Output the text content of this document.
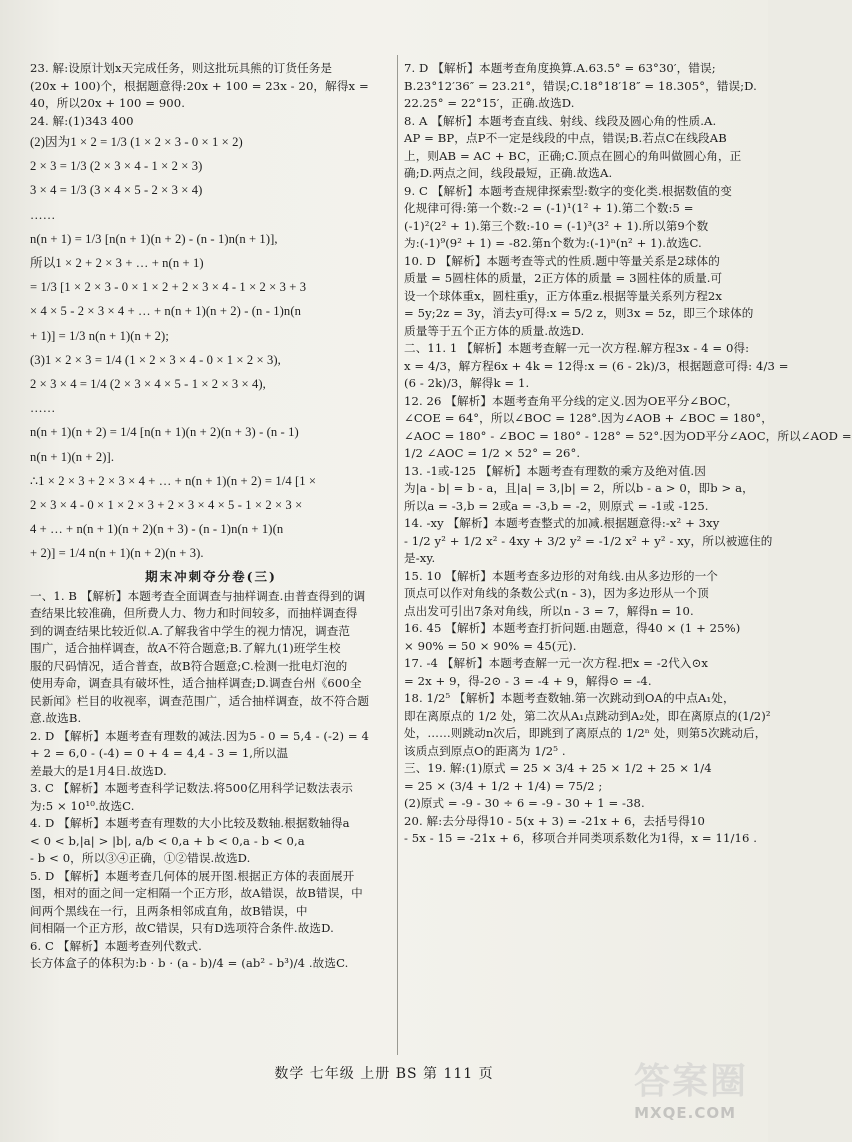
23. 解:设原计划x天完成任务，则这批玩具熊的订货任务是
(20x + 100)个，根据题意得:20x + 100 = 23x - 20，解得x =
40，所以20x + 100 = 900.
24. 解:(1)343 400
(2)因为1 × 2 = 1/3 (1 × 2 × 3 - 0 × 1 × 2)
2 × 3 = 1/3 (2 × 3 × 4 - 1 × 2 × 3)
3 × 4 = 1/3 (3 × 4 × 5 - 2 × 3 × 4)
……
n(n + 1) = 1/3 [n(n + 1)(n + 2) - (n - 1)n(n + 1)],
所以1 × 2 + 2 × 3 + … + n(n + 1)
= 1/3 [1 × 2 × 3 - 0 × 1 × 2 + 2 × 3 × 4 - 1 × 2 × 3 + 3
× 4 × 5 - 2 × 3 × 4 + … + n(n + 1)(n + 2) - (n - 1)n(n
+ 1)] = 1/3 n(n + 1)(n + 2);
(3)1 × 2 × 3 = 1/4 (1 × 2 × 3 × 4 - 0 × 1 × 2 × 3),
2 × 3 × 4 = 1/4 (2 × 3 × 4 × 5 - 1 × 2 × 3 × 4),
……
n(n + 1)(n + 2) = 1/4 [n(n + 1)(n + 2)(n + 3) - (n - 1)
n(n + 1)(n + 2)].
∴1 × 2 × 3 + 2 × 3 × 4 + … + n(n + 1)(n + 2) = 1/4 [1 ×
2 × 3 × 4 - 0 × 1 × 2 × 3 + 2 × 3 × 4 × 5 - 1 × 2 × 3 ×
4 + … + n(n + 1)(n + 2)(n + 3) - (n - 1)n(n + 1)(n
+ 2)] = 1/4 n(n + 1)(n + 2)(n + 3).
期末冲刺夺分卷(三)
一、1. B 【解析】本题考查全面调查与抽样调查.由普查得到的调
查结果比较准确，但所费人力、物力和时间较多，而抽样调查得
到的调查结果比较近似.A.了解我省中学生的视力情况，调查范
围广，适合抽样调查，故A不符合题意;B.了解九(1)班学生校
服的尺码情况，适合普查，故B符合题意;C.检测一批电灯泡的
使用寿命，调查具有破坏性，适合抽样调查;D.调查台州《600全
民新闻》栏目的收视率，调查范围广，适合抽样调查，故不符合题
意.故选B.
2. D 【解析】本题考查有理数的减法.因为5 - 0 = 5,4 - (-2) = 4
+ 2 = 6,0 - (-4) = 0 + 4 = 4,4 - 3 = 1,所以温
差最大的是1月4日.故选D.
3. C 【解析】本题考查科学记数法.将500亿用科学记数法表示
为:5 × 10¹⁰.故选C.
4. D 【解析】本题考查有理数的大小比较及数轴.根据数轴得a
< 0 < b,|a| > |b|, a/b < 0,a + b < 0,a - b < 0,a
- b < 0，所以③④正确，①②错误.故选D.
5. D 【解析】本题考查几何体的展开图.根据正方体的表面展开
图，相对的面之间一定相隔一个正方形，故A错误，故B错误，中
间两个黑线在一行，且两条相邻成直角，故B错误，中
间相隔一个正方形，故C错误，只有D选项符合条件.故选D.
6. C 【解析】本题考查列代数式.
长方体盒子的体积为:b · b · (a - b)/4 = (ab² - b³)/4 .故选C.
7. D 【解析】本题考查角度换算.A.63.5° = 63°30′，错误;
B.23°12′36″ = 23.21°，错误;C.18°18′18″ = 18.305°，错误;D.
22.25° = 22°15′，正确.故选D.
8. A 【解析】本题考查直线、射线、线段及圆心角的性质.A.
AP = BP，点P不一定是线段的中点，错误;B.若点C在线段AB
上，则AB = AC + BC，正确;C.顶点在圆心的角叫做圆心角，正
确;D.两点之间，线段最短，正确.故选A.
9. C 【解析】本题考查规律探索型:数字的变化类.根据数值的变
化规律可得:第一个数:-2 = (-1)¹(1² + 1).第二个数:5 =
(-1)²(2² + 1).第三个数:-10 = (-1)³(3² + 1).所以第9个数
为:(-1)⁹(9² + 1) = -82.第n个数为:(-1)ⁿ(n² + 1).故选C.
10. D 【解析】本题考查等式的性质.题中等量关系是2球体的
质量 = 5圆柱体的质量，2正方体的质量 = 3圆柱体的质量.可
设一个球体重x，圆柱重y，正方体重z.根据等量关系列方程2x
= 5y;2z = 3y，消去y可得:x = 5/2 z，则3x = 5z，即三个球体的
质量等于五个正方体的质量.故选D.
二、11. 1 【解析】本题考查解一元一次方程.解方程3x - 4 = 0得:
x = 4/3，解方程6x + 4k = 12得:x = (6 - 2k)/3，根据题意可得: 4/3 =
(6 - 2k)/3，解得k = 1.
12. 26 【解析】本题考查角平分线的定义.因为OE平分∠BOC，
∠COE = 64°，所以∠BOC = 128°.因为∠AOB + ∠BOC = 180°，
∠AOC = 180° - ∠BOC = 180° - 128° = 52°.因为OD平分∠AOC，所以∠AOD =
1/2 ∠AOC = 1/2 × 52° = 26°.
13. -1或-125 【解析】本题考查有理数的乘方及绝对值.因
为|a - b| = b - a，且|a| = 3,|b| = 2，所以b - a > 0，即b > a，
所以a = -3,b = 2或a = -3,b = -2，则原式 = -1或 -125.
14. -xy 【解析】本题考查整式的加减.根据题意得:-x² + 3xy
- 1/2 y² + 1/2 x² - 4xy + 3/2 y² = -1/2 x² + y² - xy，所以被遮住的
是-xy.
15. 10 【解析】本题考查多边形的对角线.由从多边形的一个
顶点可以作对角线的条数公式(n - 3)，因为多边形从一个顶
点出发可引出7条对角线，所以n - 3 = 7，解得n = 10.
16. 45 【解析】本题考查打折问题.由题意，得40 × (1 + 25%)
× 90% = 50 × 90% = 45(元).
17. -4 【解析】本题考查解一元一次方程.把x = -2代入⊙x
= 2x + 9，得-2⊙ - 3 = -4 + 9，解得⊙ = -4.
18. 1/2⁵ 【解析】本题考查数轴.第一次跳动到OA的中点A₁处，
即在离原点的 1/2 处，第二次从A₁点跳动到A₂处，即在离原点的(1/2)²
处，……则跳动n次后，即跳到了离原点的 1/2ⁿ 处，则第5次跳动后，
该质点到原点O的距离为 1/2⁵ .
三、19. 解:(1)原式 = 25 × 3/4 + 25 × 1/2 + 25 × 1/4
= 25 × (3/4 + 1/2 + 1/4) = 75/2 ;
(2)原式 = -9 - 30 ÷ 6 = -9 - 30 + 1 = -38.
20. 解:去分母得10 - 5(x + 3) = -21x + 6，去括号得10
- 5x - 15 = -21x + 6，移项合并同类项系数化为1得，x = 11/16 .
数学 七年级 上册 BS 第 111 页	答案圈
MXQE.COM
